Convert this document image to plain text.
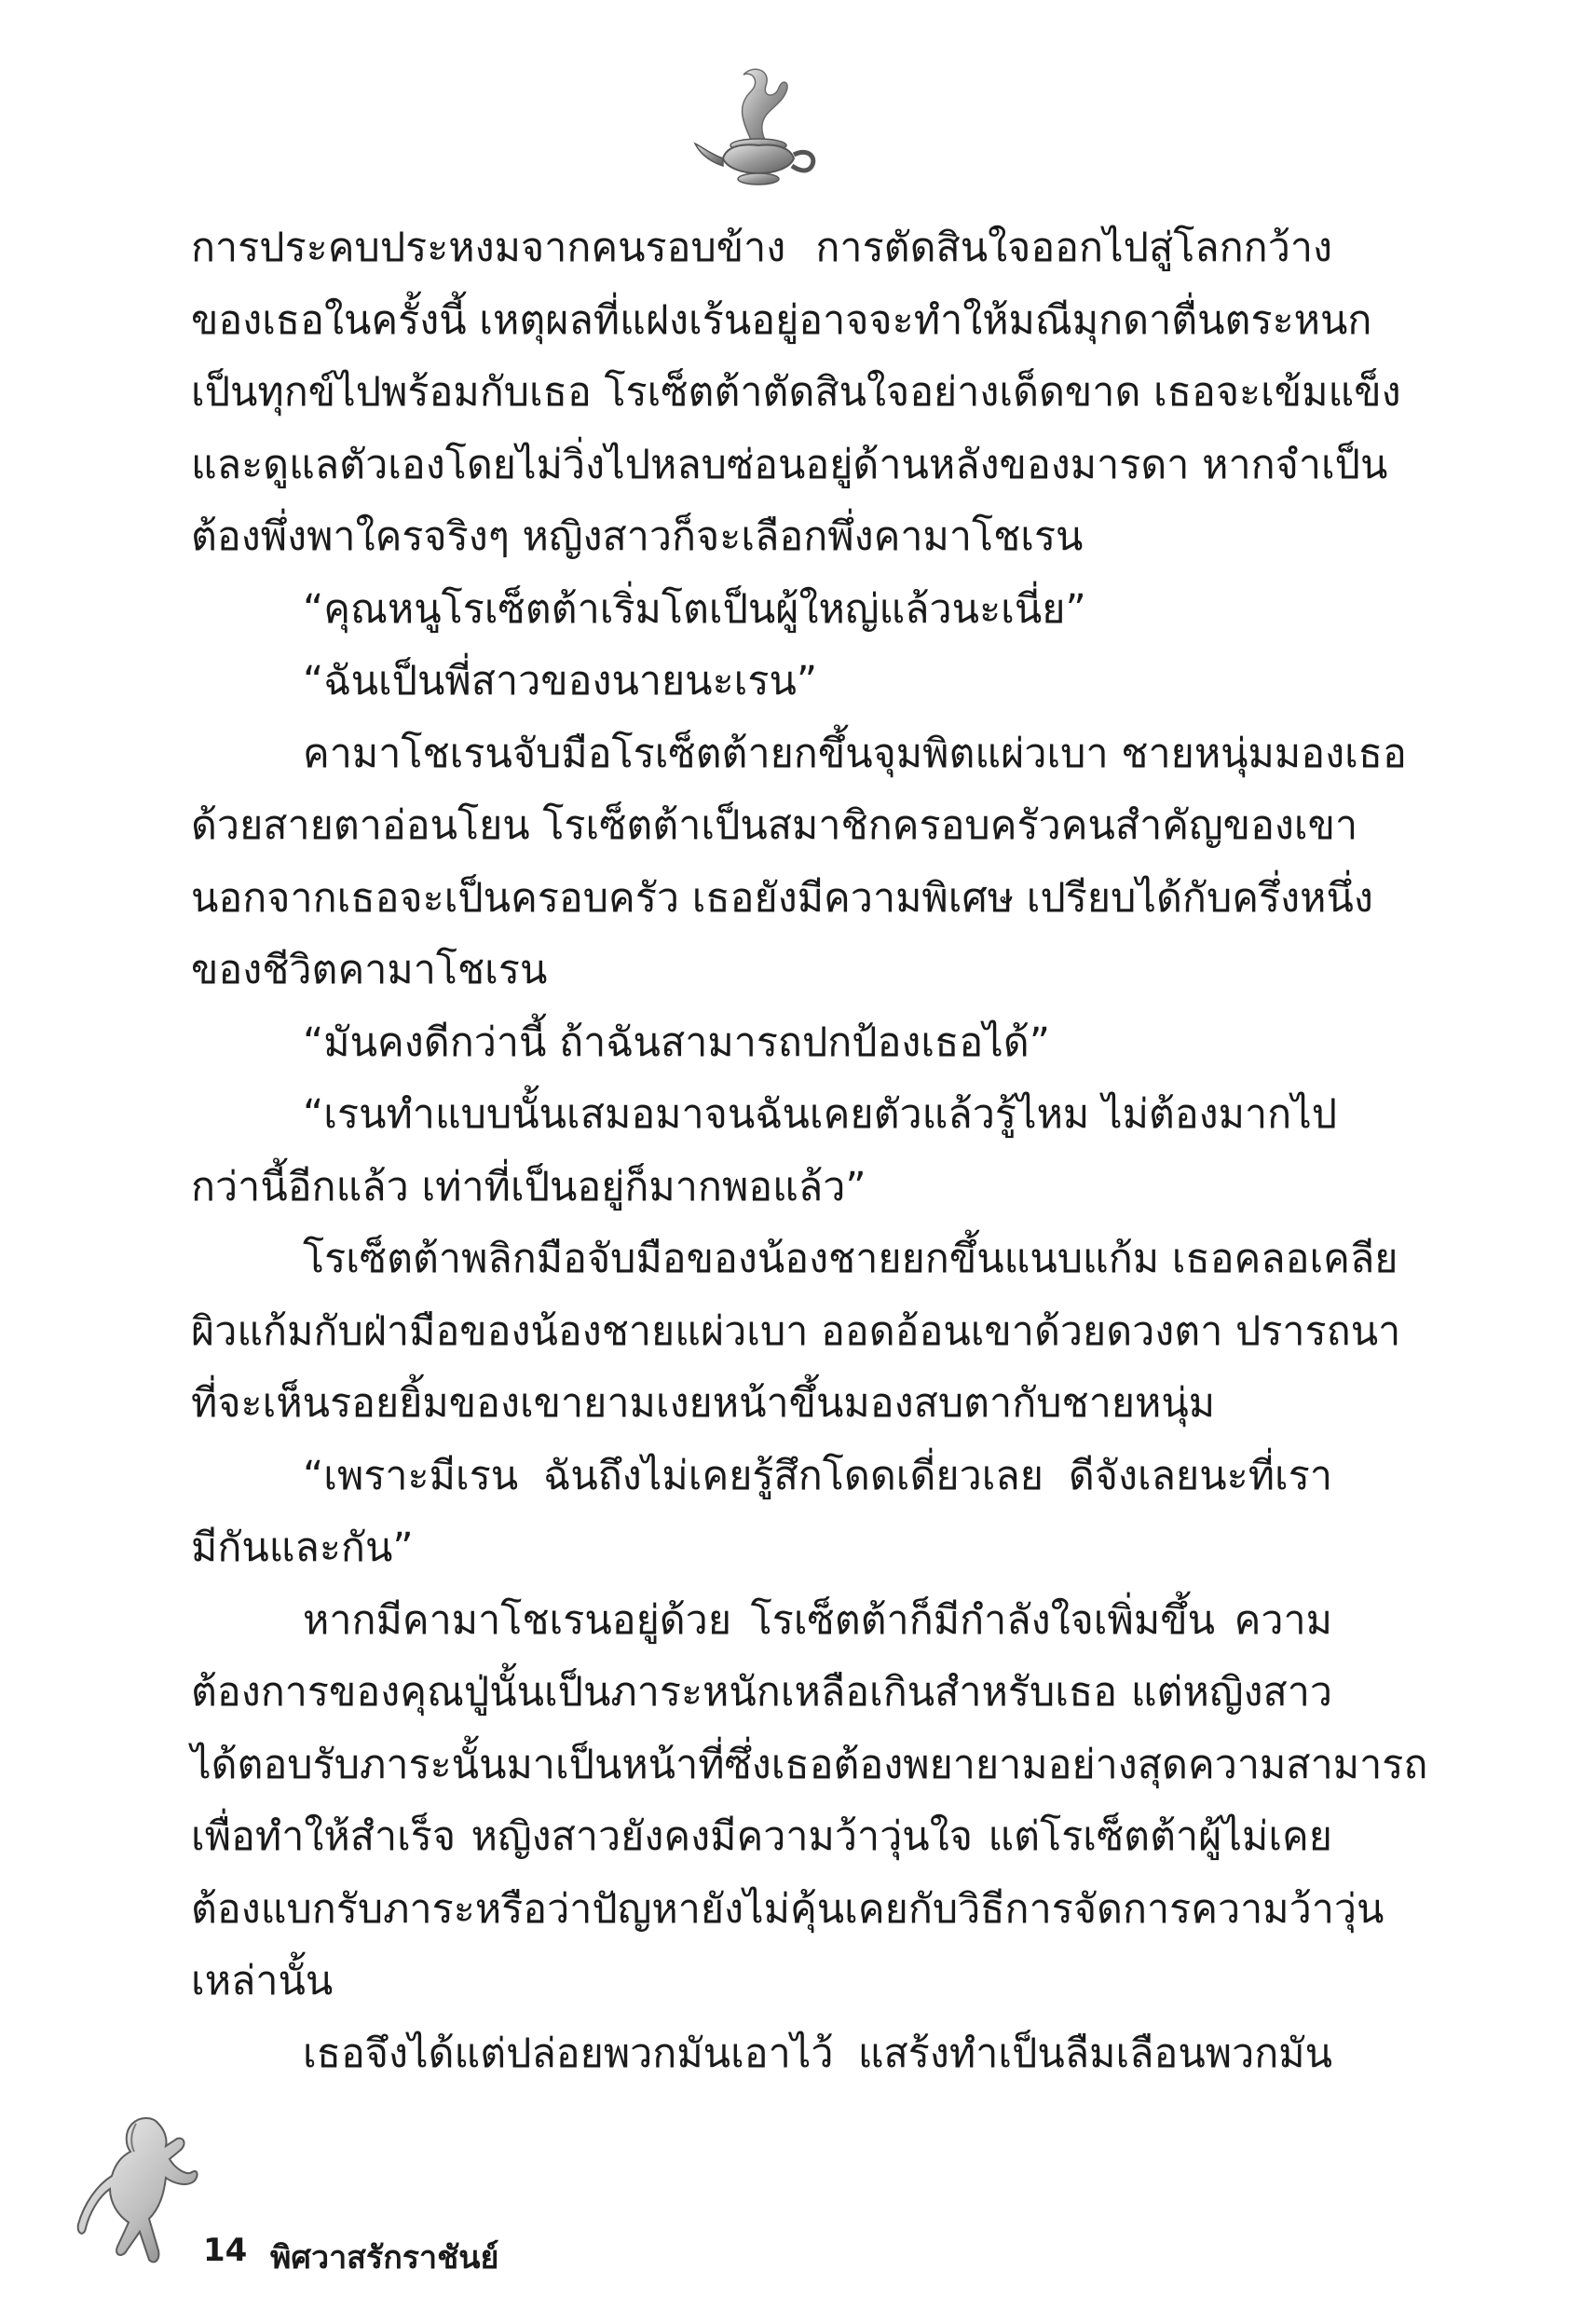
การประคบประหงมจากคนรอบข้าง การตัดสินใจออกไปสู่โลกกว้าง
ของเธอในครั้งนี้ เหตุผลที่แฝงเร้นอยู่อาจจะทำให้มณีมุกดาตื่นตระหนก
เป็นทุกข์ไปพร้อมกับเธอ โรเซ็ตต้าตัดสินใจอย่างเด็ดขาด เธอจะเข้มแข็ง
และดูแลตัวเองโดยไม่วิ่งไปหลบซ่อนอยู่ด้านหลังของมารดา หากจำเป็น
ต้องพึ่งพาใครจริงๆ หญิงสาวก็จะเลือกพึ่งคามาโชเรน
“คุณหนูโรเซ็ตต้าเริ่มโตเป็นผู้ใหญ่แล้วนะเนี่ย”
“ฉันเป็นพี่สาวของนายนะเรน”
คามาโชเรนจับมือโรเซ็ตต้ายกขึ้นจุมพิตแผ่วเบา ชายหนุ่มมองเธอ
ด้วยสายตาอ่อนโยน โรเซ็ตต้าเป็นสมาชิกครอบครัวคนสำคัญของเขา
นอกจากเธอจะเป็นครอบครัว เธอยังมีความพิเศษ เปรียบได้กับครึ่งหนึ่ง
ของชีวิตคามาโชเรน
“มันคงดีกว่านี้ ถ้าฉันสามารถปกป้องเธอได้”
“เรนทำแบบนั้นเสมอมาจนฉันเคยตัวแล้วรู้ไหม ไม่ต้องมากไป
กว่านี้อีกแล้ว เท่าที่เป็นอยู่ก็มากพอแล้ว”
โรเซ็ตต้าพลิกมือจับมือของน้องชายยกขึ้นแนบแก้ม เธอคลอเคลีย
ผิวแก้มกับฝ่ามือของน้องชายแผ่วเบา ออดอ้อนเขาด้วยดวงตา ปรารถนา
ที่จะเห็นรอยยิ้มของเขายามเงยหน้าขึ้นมองสบตากับชายหนุ่ม
“เพราะมีเรน ฉันถึงไม่เคยรู้สึกโดดเดี่ยวเลย ดีจังเลยนะที่เรา
มีกันและกัน”
หากมีคามาโชเรนอยู่ด้วย โรเซ็ตต้าก็มีกำลังใจเพิ่มขึ้น ความ
ต้องการของคุณปู่นั้นเป็นภาระหนักเหลือเกินสำหรับเธอ แต่หญิงสาว
ได้ตอบรับภาระนั้นมาเป็นหน้าที่ซึ่งเธอต้องพยายามอย่างสุดความสามารถ
เพื่อทำให้สำเร็จ หญิงสาวยังคงมีความว้าวุ่นใจ แต่โรเซ็ตต้าผู้ไม่เคย
ต้องแบกรับภาระหรือว่าปัญหายังไม่คุ้นเคยกับวิธีการจัดการความว้าวุ่น
เหล่านั้น
เธอจึงได้แต่ปล่อยพวกมันเอาไว้ แสร้งทำเป็นลืมเลือนพวกมัน
14 พิศวาสรักราชันย์
